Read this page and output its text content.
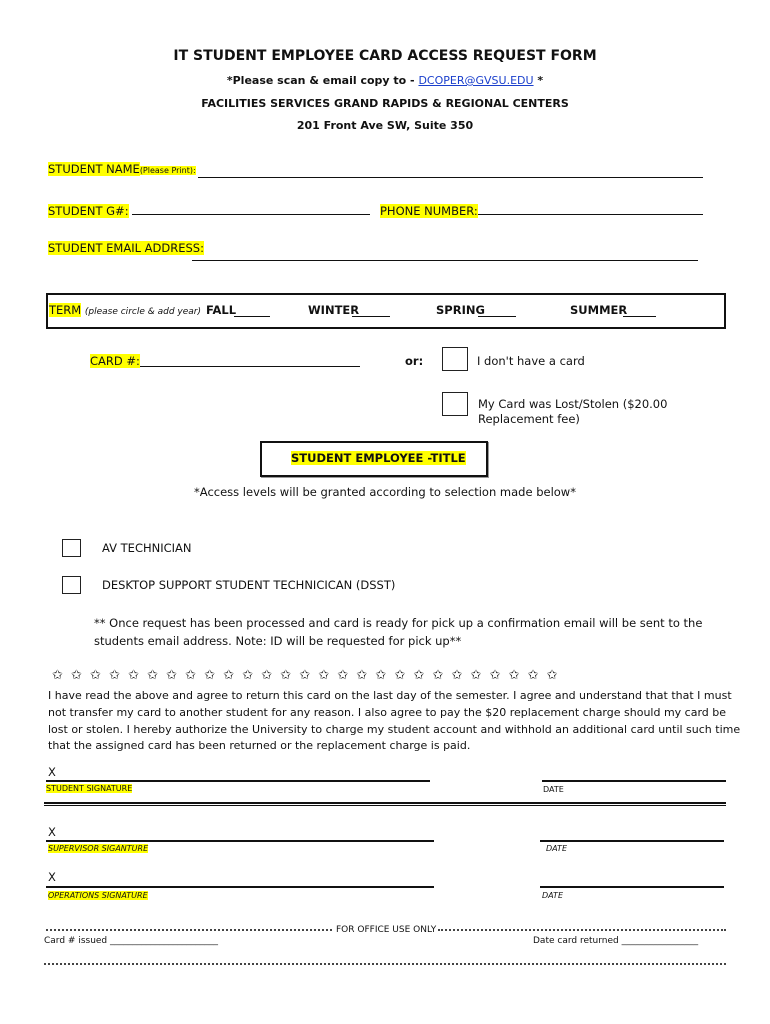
IT STUDENT EMPLOYEE CARD ACCESS REQUEST FORM
*Please scan & email copy to - DCOPER@GVSU.EDU *
FACILITIES SERVICES GRAND RAPIDS & REGIONAL CENTERS
201 Front Ave SW, Suite 350
STUDENT NAME(Please Print):
STUDENT G#:	PHONE NUMBER:
STUDENT EMAIL ADDRESS:
TERM (please circle & add year) FALL	WINTER	SPRING	SUMMER
CARD #:	or:	I don't have a card
My Card was Lost/Stolen ($20.00
Replacement fee)
STUDENT EMPLOYEE -TITLE
*Access levels will be granted according to selection made below*
AV TECHNICIAN
DESKTOP SUPPORT STUDENT TECHNICICAN (DSST)
** Once request has been processed and card is ready for pick up a confirmation email will be sent to the
students email address. Note: ID will be requested for pick up**
✩ ✩ ✩ ✩ ✩ ✩ ✩ ✩ ✩ ✩ ✩ ✩ ✩ ✩ ✩ ✩ ✩ ✩ ✩ ✩ ✩ ✩ ✩ ✩ ✩ ✩ ✩
I have read the above and agree to return this card on the last day of the semester. I agree and understand that that I must
not transfer my card to another student for any reason. I also agree to pay the $20 replacement charge should my card be
lost or stolen. I hereby authorize the University to charge my student account and withhold an additional card until such time
that the assigned card has been returned or the replacement charge is paid.
X
STUDENT SIGNATURE	DATE
X
SUPERVISOR SIGANTURE	DATE
X
OPERATIONS SIGNATURE	DATE
FOR OFFICE USE ONLY
Card # issued ________________________	Date card returned _________________
